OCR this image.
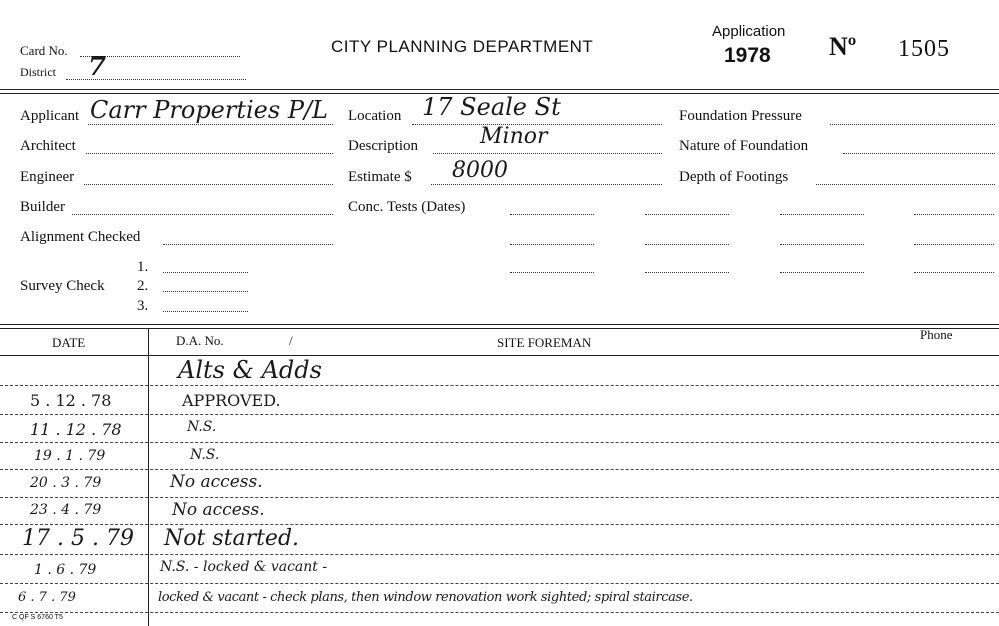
Card No.
District 7
CITY PLANNING DEPARTMENT
Application
1978 Nº 1505
Applicant Carr Properties P/L
Architect
Engineer
Builder
Alignment Checked
Survey Check
1.
2.
3.
Location 17 Seale St
Description	Minor
Estimate $ 8000
Conc. Tests (Dates)
Foundation Pressure
Nature of Foundation
Depth of Footings
DATE	D.A. No.	/	SITE FOREMAN
Phone
Alts & Adds
5 . 12 . 78	APPROVED.
11 . 12 . 78	N.S.
19 . 1 . 79	N.S.
20 . 3 . 79	No access.
23 . 4 . 79	No access.
17 . 5 . 79 Not started.
1 . 6 . 79	N.S. - locked & vacant -
6 . 7 . 79	locked & vacant - check plans, then window renovation work sighted; spiral staircase.
C QF S 6760 T5
